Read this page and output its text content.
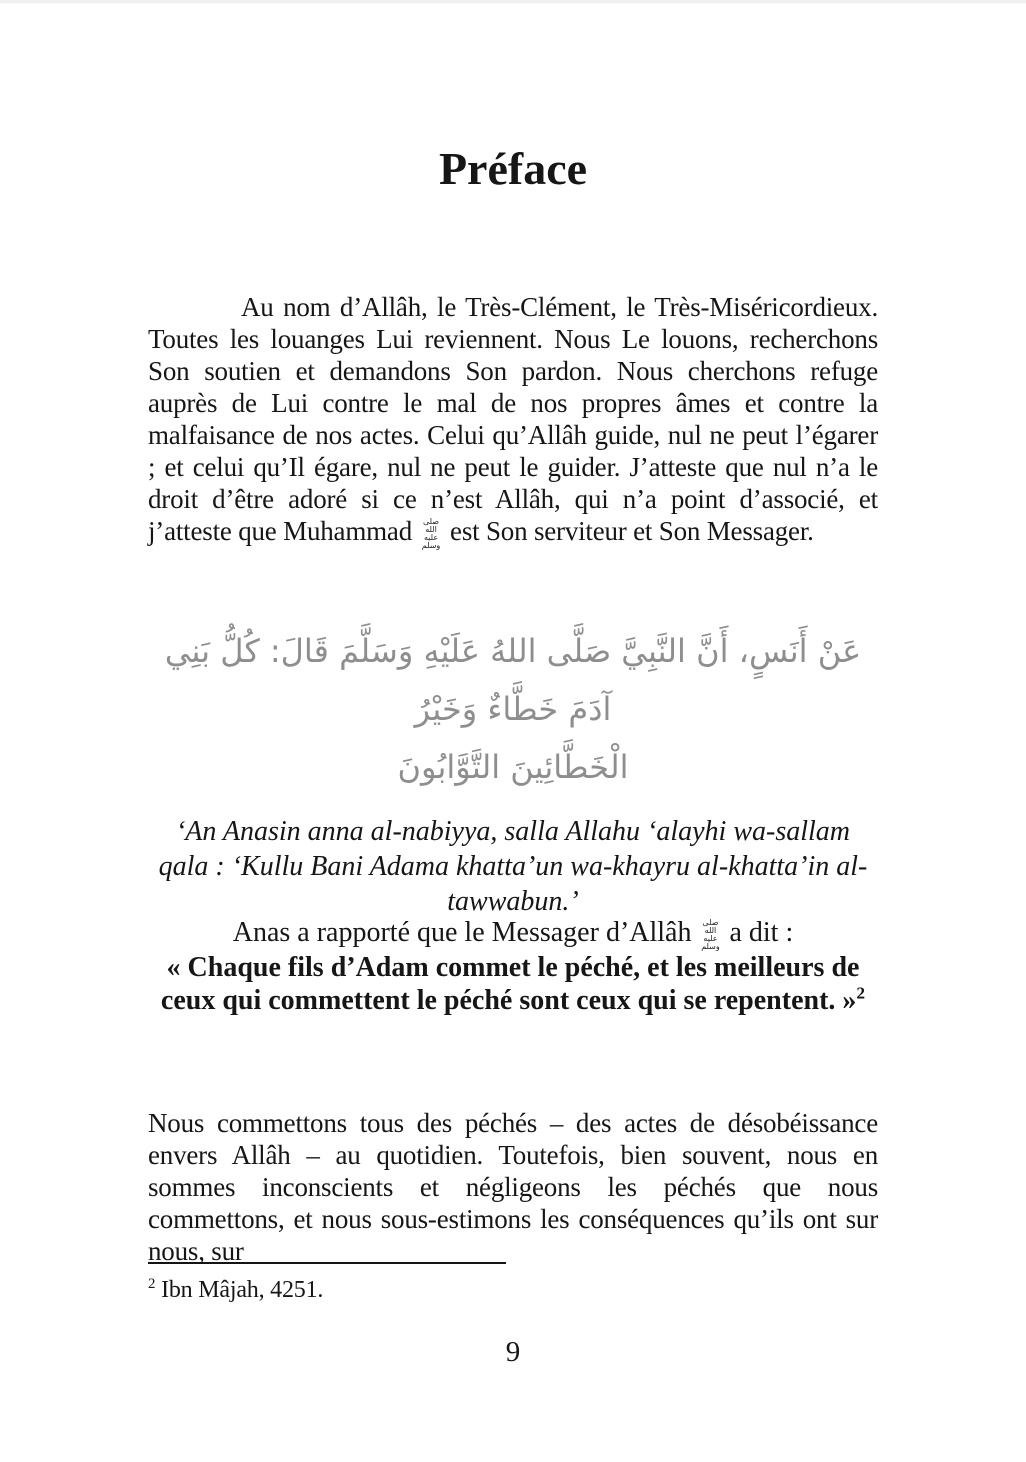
Préface

Au nom d’Allâh, le Très-Clément, le Très-Miséricordieux. Toutes les louanges Lui reviennent. Nous Le louons, recherchons Son soutien et demandons Son pardon. Nous cherchons refuge auprès de Lui contre le mal de nos propres âmes et contre la malfaisance de nos actes. Celui qu’Allâh guide, nul ne peut l’égarer ; et celui qu’Il égare, nul ne peut le guider. J’atteste que nul n’a le droit d’être adoré si ce n’est Allâh, qui n’a point d’associé, et j’atteste que Muhammad صلى الله عليه وسلم est Son serviteur et Son Messager.

عَنْ أَنَسٍ، أَنَّ النَّبِيَّ صَلَّى اللهُ عَلَيْهِ وَسَلَّمَ قَالَ: كُلُّ بَنِي آدَمَ خَطَّاءٌ وَخَيْرُ
الْخَطَّائِينَ التَّوَّابُونَ

‘An Anasin anna al-nabiyya, salla Allahu ‘alayhi wa-sallam qala : ‘Kullu Bani Adama khatta’un wa-khayru al-khatta’in al-tawwabun.’

Anas a rapporté que le Messager d’Allâh صلى الله عليه وسلم a dit :
« Chaque fils d’Adam commet le péché, et les meilleurs de ceux qui commettent le péché sont ceux qui se repentent. »$^2$

Nous commettons tous des péchés – des actes de désobéissance envers Allâh – au quotidien. Toutefois, bien souvent, nous en sommes inconscients et négligeons les péchés que nous commettons, et nous sous-estimons les conséquences qu’ils ont sur nous, sur

$^2$ Ibn Mâjah, 4251.
9
